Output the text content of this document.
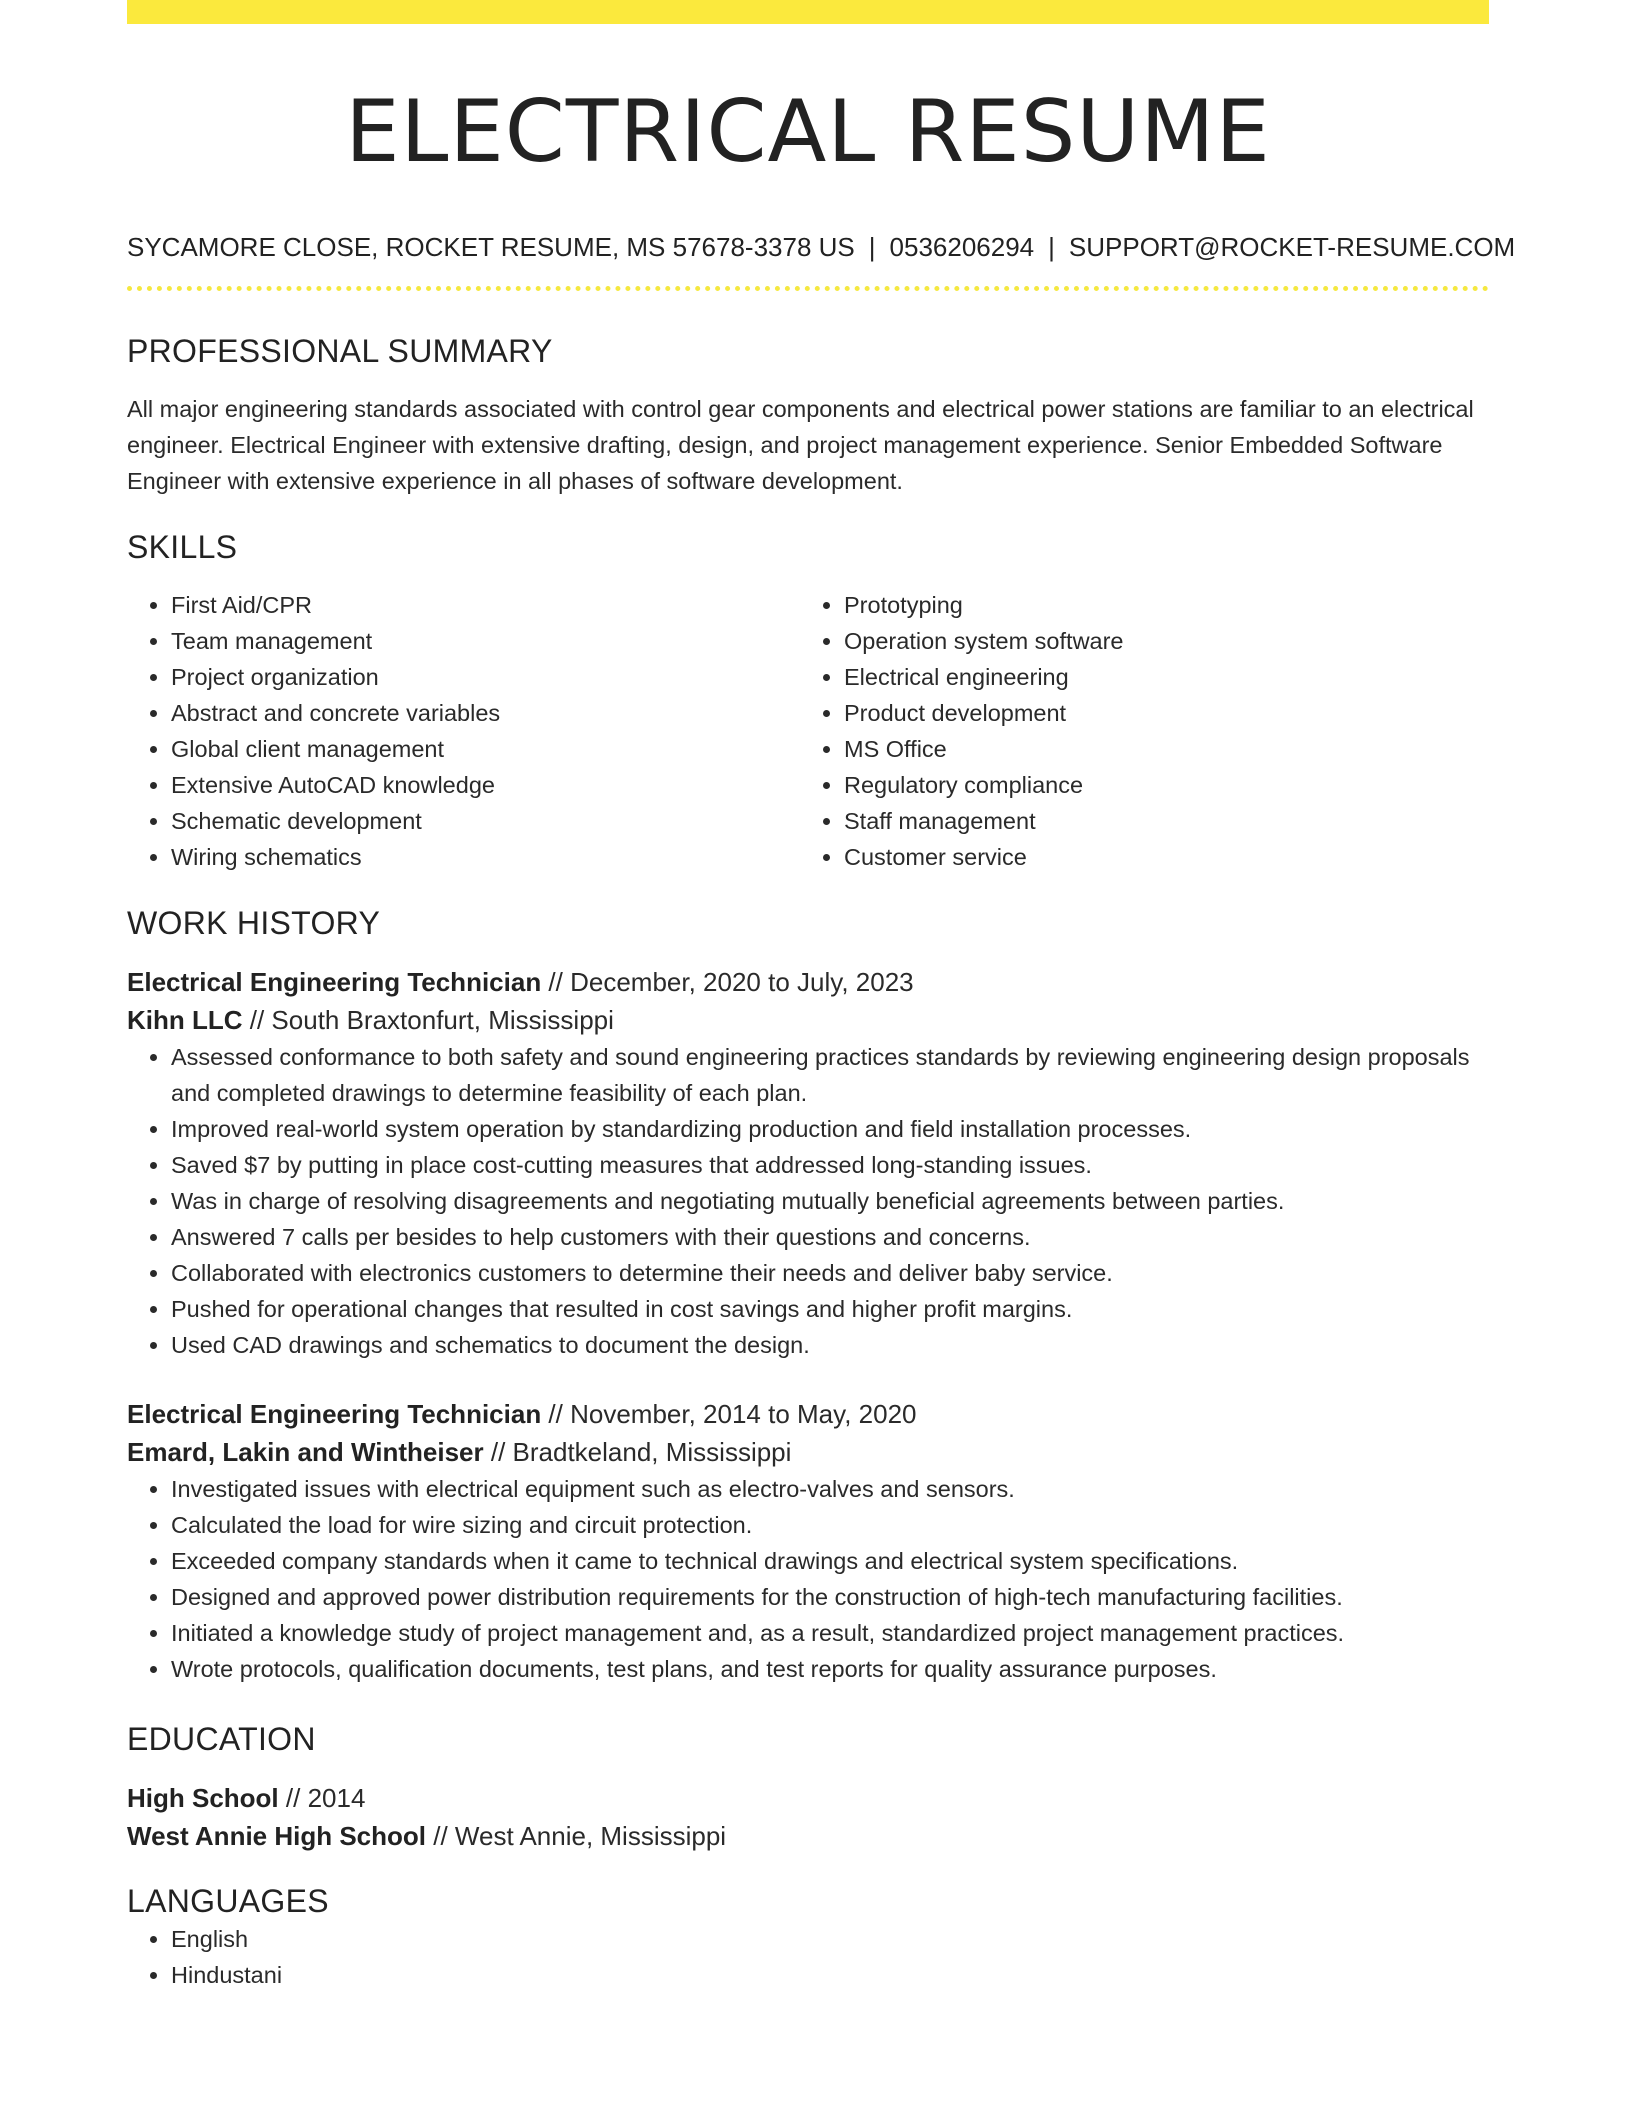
ELECTRICAL RESUME
SYCAMORE CLOSE, ROCKET RESUME, MS 57678-3378 US | 0536206294 | SUPPORT@ROCKET-RESUME.COM
PROFESSIONAL SUMMARY
All major engineering standards associated with control gear components and electrical power stations are familiar to an electrical engineer. Electrical Engineer with extensive drafting, design, and project management experience. Senior Embedded Software Engineer with extensive experience in all phases of software development.
SKILLS
• First Aid/CPR
• Team management
• Project organization
• Abstract and concrete variables
• Global client management
• Extensive AutoCAD knowledge
• Schematic development
• Wiring schematics
• Prototyping
• Operation system software
• Electrical engineering
• Product development
• MS Office
• Regulatory compliance
• Staff management
• Customer service
WORK HISTORY
Electrical Engineering Technician // December, 2020 to July, 2023
Kihn LLC // South Braxtonfurt, Mississippi
• Assessed conformance to both safety and sound engineering practices standards by reviewing engineering design proposals and completed drawings to determine feasibility of each plan.
• Improved real-world system operation by standardizing production and field installation processes.
• Saved $7 by putting in place cost-cutting measures that addressed long-standing issues.
• Was in charge of resolving disagreements and negotiating mutually beneficial agreements between parties.
• Answered 7 calls per besides to help customers with their questions and concerns.
• Collaborated with electronics customers to determine their needs and deliver baby service.
• Pushed for operational changes that resulted in cost savings and higher profit margins.
• Used CAD drawings and schematics to document the design.
Electrical Engineering Technician // November, 2014 to May, 2020
Emard, Lakin and Wintheiser // Bradtkeland, Mississippi
• Investigated issues with electrical equipment such as electro-valves and sensors.
• Calculated the load for wire sizing and circuit protection.
• Exceeded company standards when it came to technical drawings and electrical system specifications.
• Designed and approved power distribution requirements for the construction of high-tech manufacturing facilities.
• Initiated a knowledge study of project management and, as a result, standardized project management practices.
• Wrote protocols, qualification documents, test plans, and test reports for quality assurance purposes.
EDUCATION
High School // 2014
West Annie High School // West Annie, Mississippi
LANGUAGES
• English
• Hindustani
